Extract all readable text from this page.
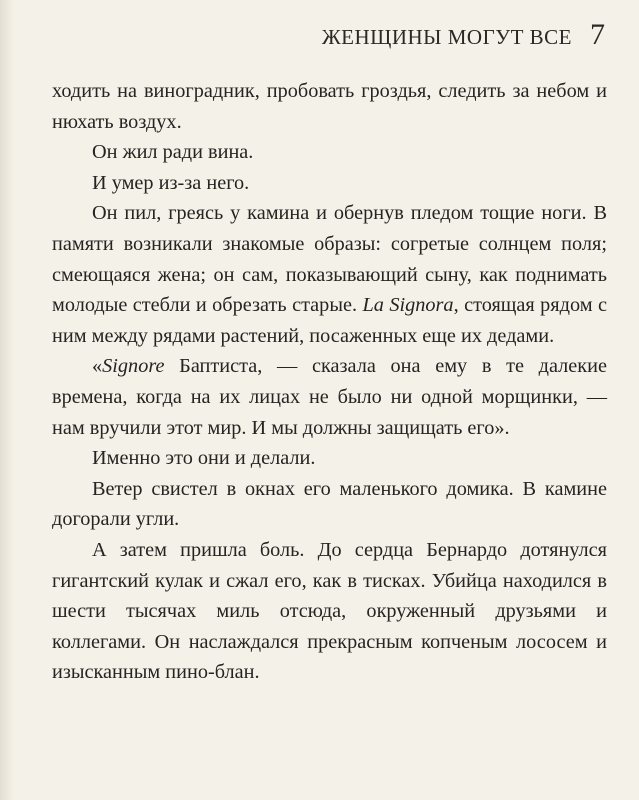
ЖЕНЩИНЫ МОГУТ ВСЕ 7

ходить на виноградник, пробовать гроздья, следить за небом и нюхать воздух.

Он жил ради вина.

И умер из-за него.

Он пил, греясь у камина и обернув пледом тощие ноги. В памяти возникали знакомые образы: согретые солнцем поля; смеющаяся жена; он сам, показывающий сыну, как поднимать молодые стебли и обрезать старые. La Signora, стоящая рядом с ним между рядами растений, посаженных еще их дедами.

«Signore Баптиста, — сказала она ему в те далекие времена, когда на их лицах не было ни одной морщинки, — нам вручили этот мир. И мы должны защищать его».

Именно это они и делали.

Ветер свистел в окнах его маленького домика. В камине догорали угли.

А затем пришла боль. До сердца Бернардо дотянулся гигантский кулак и сжал его, как в тисках. Убийца находился в шести тысячах миль отсюда, окруженный друзьями и коллегами. Он наслаждался прекрасным копченым лососем и изысканным пино-блан.
